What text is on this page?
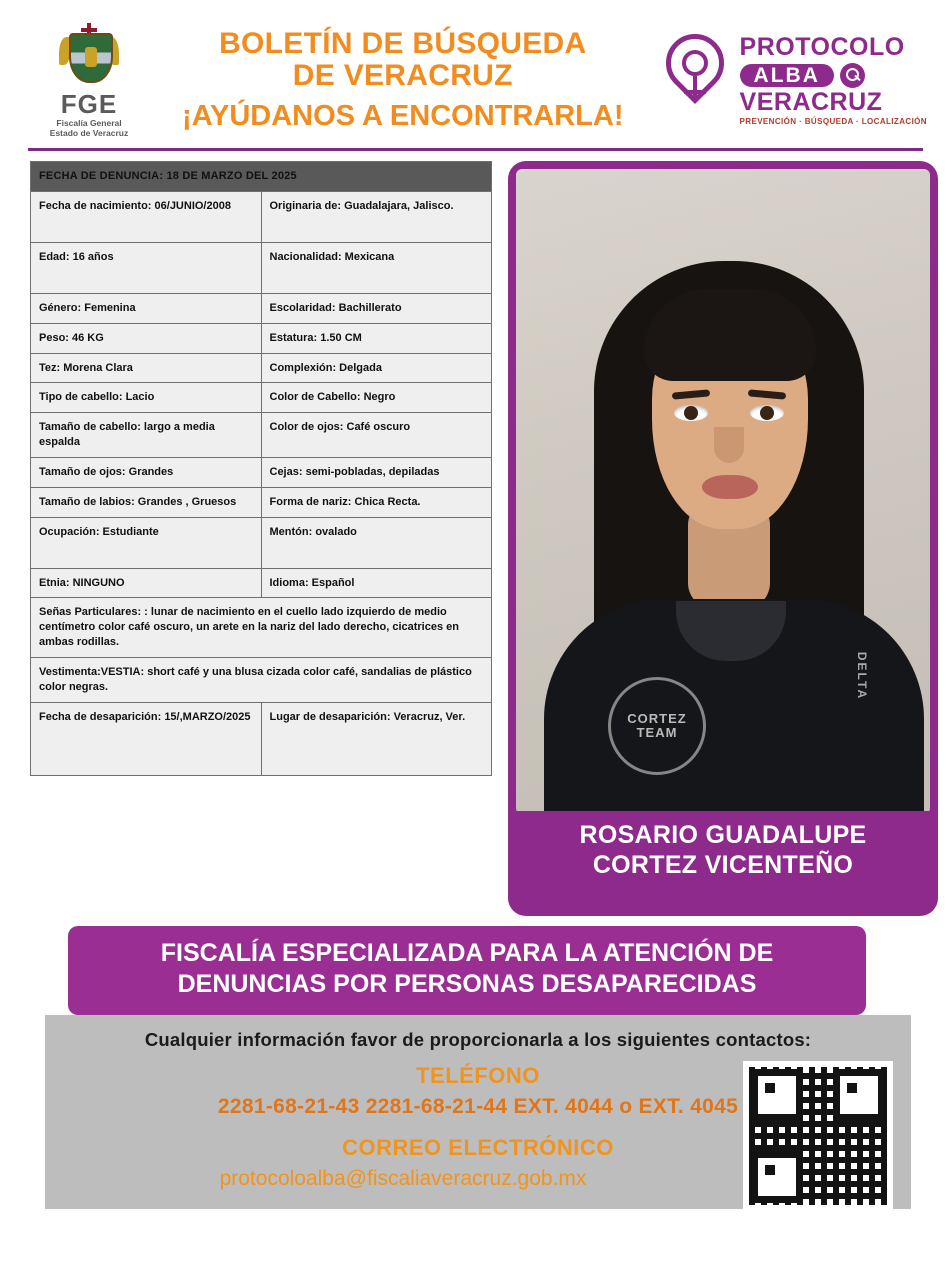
FGE
Fiscalía General
Estado de Veracruz
BOLETÍN DE BÚSQUEDA
DE VERACRUZ
¡AYÚDANOS A ENCONTRARLA!
PROTOCOLO
ALBA
VERACRUZ
PREVENCIÓN · BÚSQUEDA · LOCALIZACIÓN
FECHA DE DENUNCIA: 18 DE MARZO DEL 2025	
Fecha de nacimiento: 06/JUNIO/2008	Originaria de: Guadalajara, Jalisco.
Edad: 16 años	Nacionalidad: Mexicana
Género: Femenina	Escolaridad: Bachillerato
Peso: 46 KG	Estatura: 1.50 CM
Tez: Morena Clara	Complexión: Delgada
Tipo de cabello: Lacio	Color de Cabello: Negro
Tamaño de cabello: largo a media espalda	Color de ojos: Café oscuro
Tamaño de ojos: Grandes	Cejas: semi-pobladas, depiladas
Tamaño de labios: Grandes , Gruesos	Forma de nariz: Chica Recta.
Ocupación: Estudiante	Mentón: ovalado
Etnia: NINGUNO	Idioma: Español
Señas Particulares: : lunar de nacimiento en el cuello lado izquierdo de medio centímetro color café oscuro, un arete en la nariz del lado derecho, cicatrices en ambas rodillas.	
Vestimenta:VESTIA: short café y una blusa cizada color café, sandalias de plástico color negras.	
Fecha de desaparición: 15/,MARZO/2025	Lugar de desaparición: Veracruz, Ver.	CORTEZ TEAM
DELTA
ROSARIO GUADALUPE
CORTEZ VICENTEÑO
FISCALÍA ESPECIALIZADA PARA LA ATENCIÓN DE DENUNCIAS POR PERSONAS DESAPARECIDAS
Cualquier información favor de proporcionarla a los siguientes contactos:
TELÉFONO
2281-68-21-43 2281-68-21-44 EXT. 4044 o EXT. 4045
CORREO ELECTRÓNICO
protocoloalba@fiscaliaveracruz.gob.mx
